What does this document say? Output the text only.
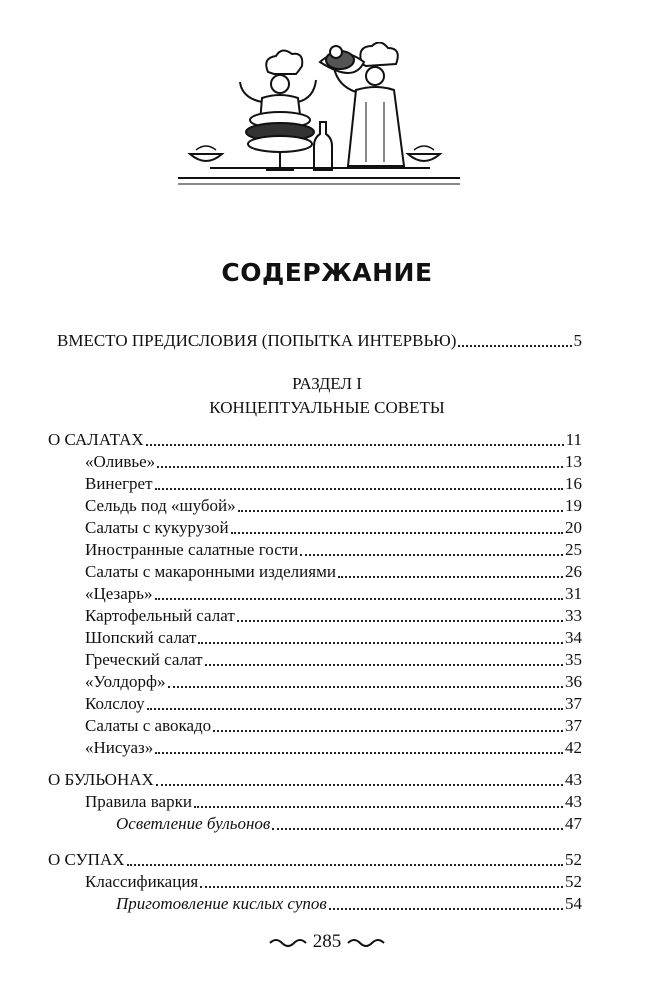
СОДЕРЖАНИЕ
ВМЕСТО ПРЕДИСЛОВИЯ (ПОПЫТКА ИНТЕРВЬЮ)	5
РАЗДЕЛ I
КОНЦЕПТУАЛЬНЫЕ СОВЕТЫ
О САЛАТАХ	11
«Оливье»	13
Винегрет	16
Сельдь под «шубой»	19
Салаты с кукурузой	20
Иностранные салатные гости	25
Салаты с макаронными изделиями	26
«Цезарь»	31
Картофельный салат	33
Шопский салат	34
Греческий салат	35
«Уолдорф»	36
Колслоу	37
Салаты с авокадо	37
«Нисуаз»	42
О БУЛЬОНАХ	43
Правила варки	43
Осветление бульонов	47
О СУПАХ	52
Классификация	52
Приготовление кислых супов	54
285
